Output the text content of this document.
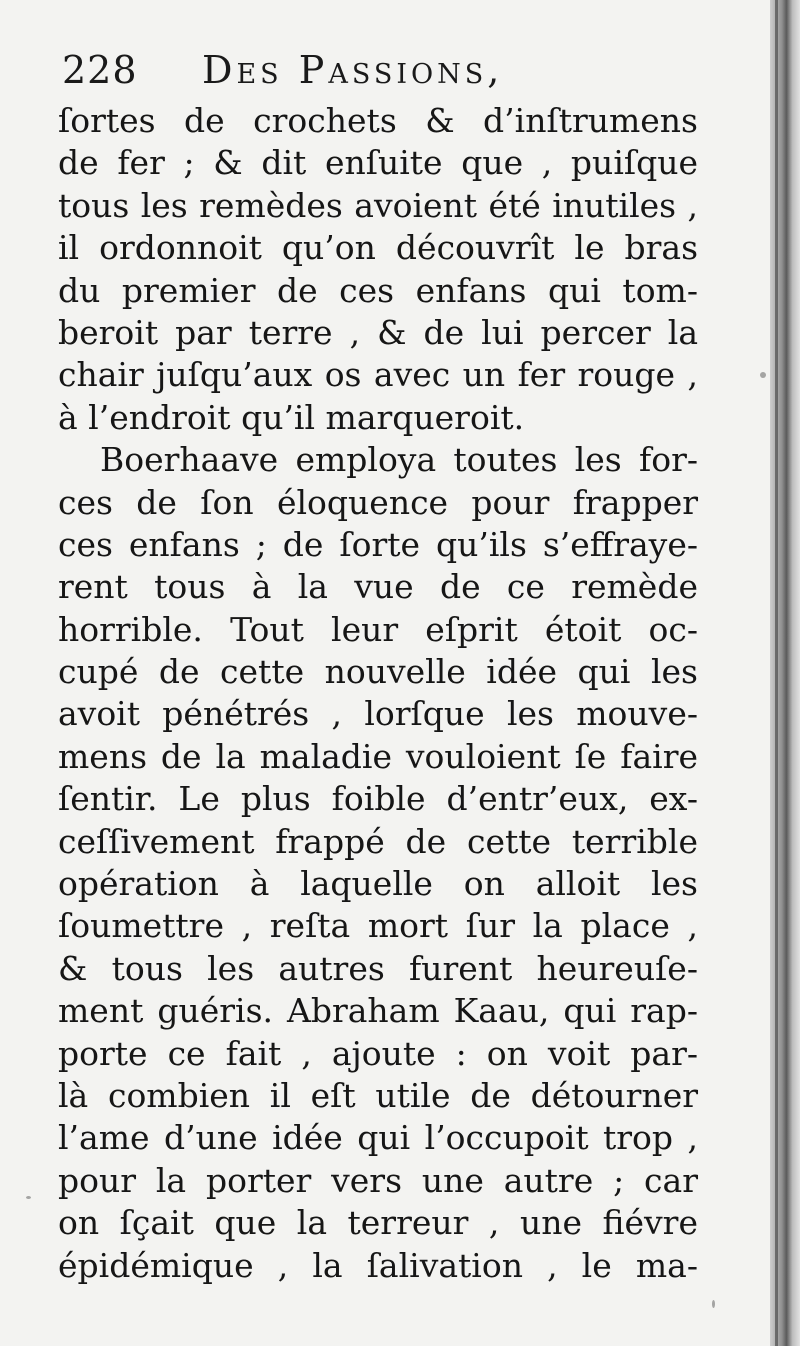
228 Des Passions,
ſortes de crochets & d’inſtrumens
de fer ; & dit enſuite que , puiſque
tous les remèdes avoient été inutiles ,
il ordonnoit qu’on découvrît le bras
du premier de ces enfans qui tom-
beroit par terre , & de lui percer la
chair juſqu’aux os avec un fer rouge ,
à l’endroit qu’il marqueroit.
Boerhaave employa toutes les for-
ces de ſon éloquence pour frapper
ces enfans ; de ſorte qu’ils s’effraye-
rent tous à la vue de ce remède
horrible. Tout leur eſprit étoit oc-
cupé de cette nouvelle idée qui les
avoit pénétrés , lorſque les mouve-
mens de la maladie vouloient ſe faire
ſentir. Le plus foible d’entr’eux, ex-
ceſſivement frappé de cette terrible
opération à laquelle on alloit les
ſoumettre , reſta mort ſur la place ,
& tous les autres furent heureuſe-
ment guéris. Abraham Kaau, qui rap-
porte ce fait , ajoute : on voit par-
là combien il eſt utile de détourner
l’ame d’une idée qui l’occupoit trop ,
pour la porter vers une autre ; car
on ſçait que la terreur , une fiévre
épidémique , la ſalivation , le ma-
